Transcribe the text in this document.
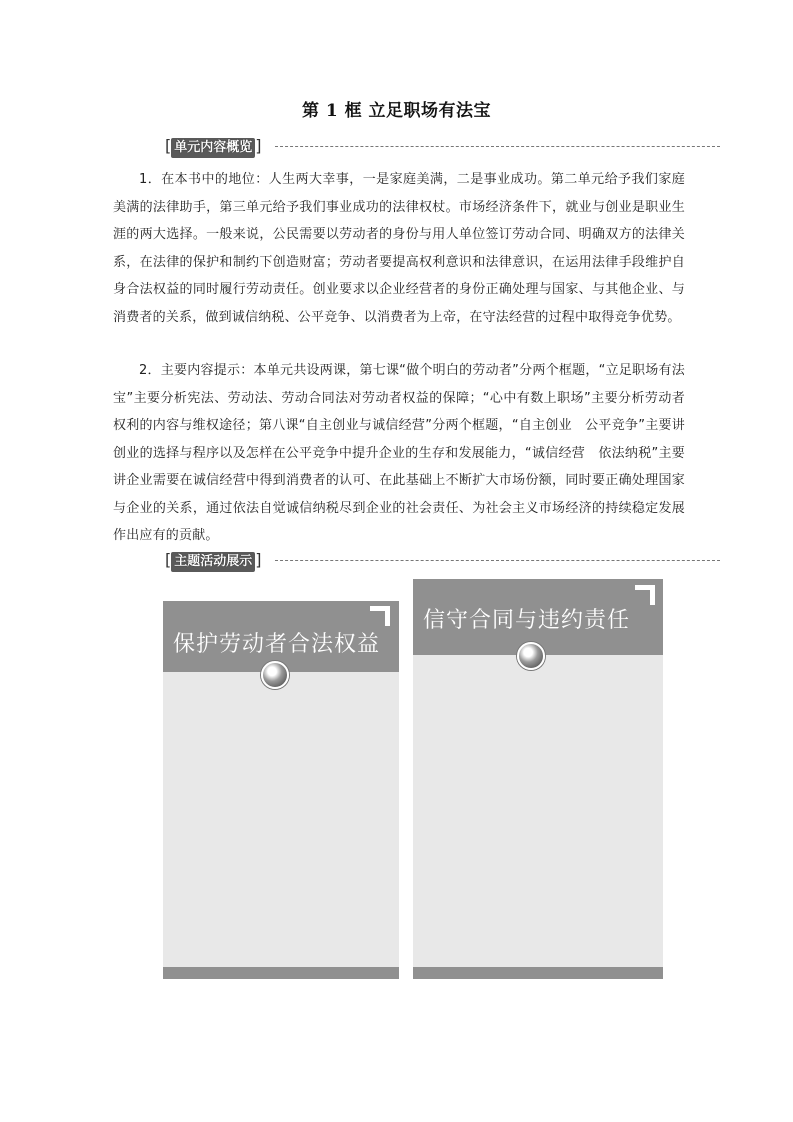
第 1 框 立足职场有法宝
[ 单元内容概览 ]

1．在本书中的地位：人生两大幸事，一是家庭美满，二是事业成功。第二单元给予我们家庭美满的法律助手，第三单元给予我们事业成功的法律权杖。市场经济条件下，就业与创业是职业生涯的两大选择。一般来说，公民需要以劳动者的身份与用人单位签订劳动合同、明确双方的法律关系，在法律的保护和制约下创造财富；劳动者要提高权利意识和法律意识，在运用法律手段维护自身合法权益的同时履行劳动责任。创业要求以企业经营者的身份正确处理与国家、与其他企业、与消费者的关系，做到诚信纳税、公平竞争、以消费者为上帝，在守法经营的过程中取得竞争优势。

2．主要内容提示：本单元共设两课，第七课“做个明白的劳动者”分两个框题，“立足职场有法宝”主要分析宪法、劳动法、劳动合同法对劳动者权益的保障；“心中有数上职场”主要分析劳动者权利的内容与维权途径；第八课“自主创业与诚信经营”分两个框题，“自主创业　公平竞争”主要讲创业的选择与程序以及怎样在公平竞争中提升企业的生存和发展能力，“诚信经营　依法纳税”主要讲企业需要在诚信经营中得到消费者的认可、在此基础上不断扩大市场份额，同时要正确处理国家与企业的关系，通过依法自觉诚信纳税尽到企业的社会责任、为社会主义市场经济的持续稳定发展作出应有的贡献。

[ 主题活动展示 ]
保护劳动者合法权益
信守合同与违约责任
